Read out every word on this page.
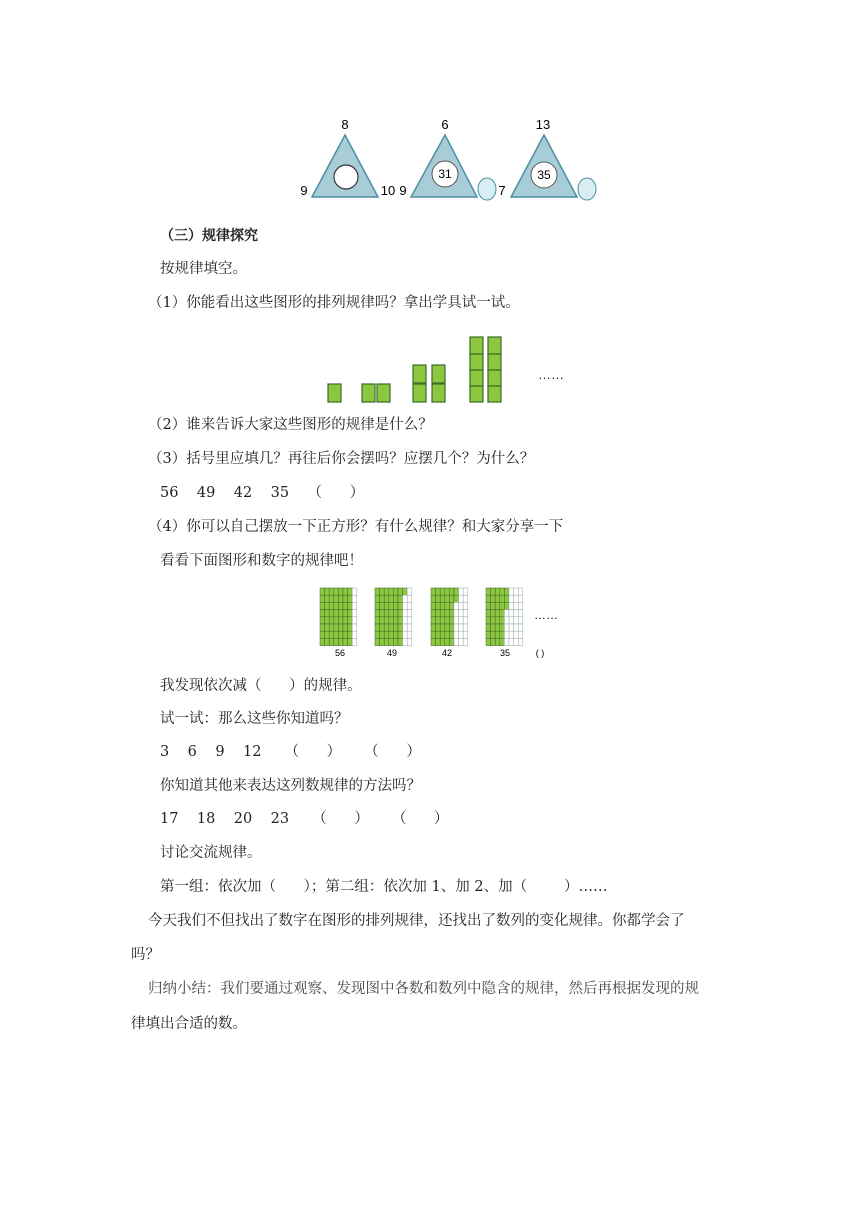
8
9	10
31
6
9
35
13
7
（三）规律探究
按规律填空。
（1）你能看出这些图形的排列规律吗？拿出学具试一试。
……
（2）谁来告诉大家这些图形的规律是什么？
（3）括号里应填几？再往后你会摆吗？应摆几个？为什么？
56    49    42    35    （      ）
（4）你可以自己摆放一下正方形？有什么规律？和大家分享一下
看看下面图形和数字的规律吧！
56	49	42	35	( )
……
我发现依次减（      ）的规律。
试一试：那么这些你知道吗？
3    6    9    12     （      ）     （      ）
你知道其他来表达这列数规律的方法吗？
17    18    20    23     （      ）     （      ）
讨论交流规律。
第一组：依次加（      ）；第二组：依次加 1、加 2、加（        ）……
今天我们不但找出了数字在图形的排列规律，还找出了数列的变化规律。你都学会了
吗？
归纳小结：我们要通过观察、发现图中各数和数列中隐含的规律，然后再根据发现的规
律填出合适的数。
